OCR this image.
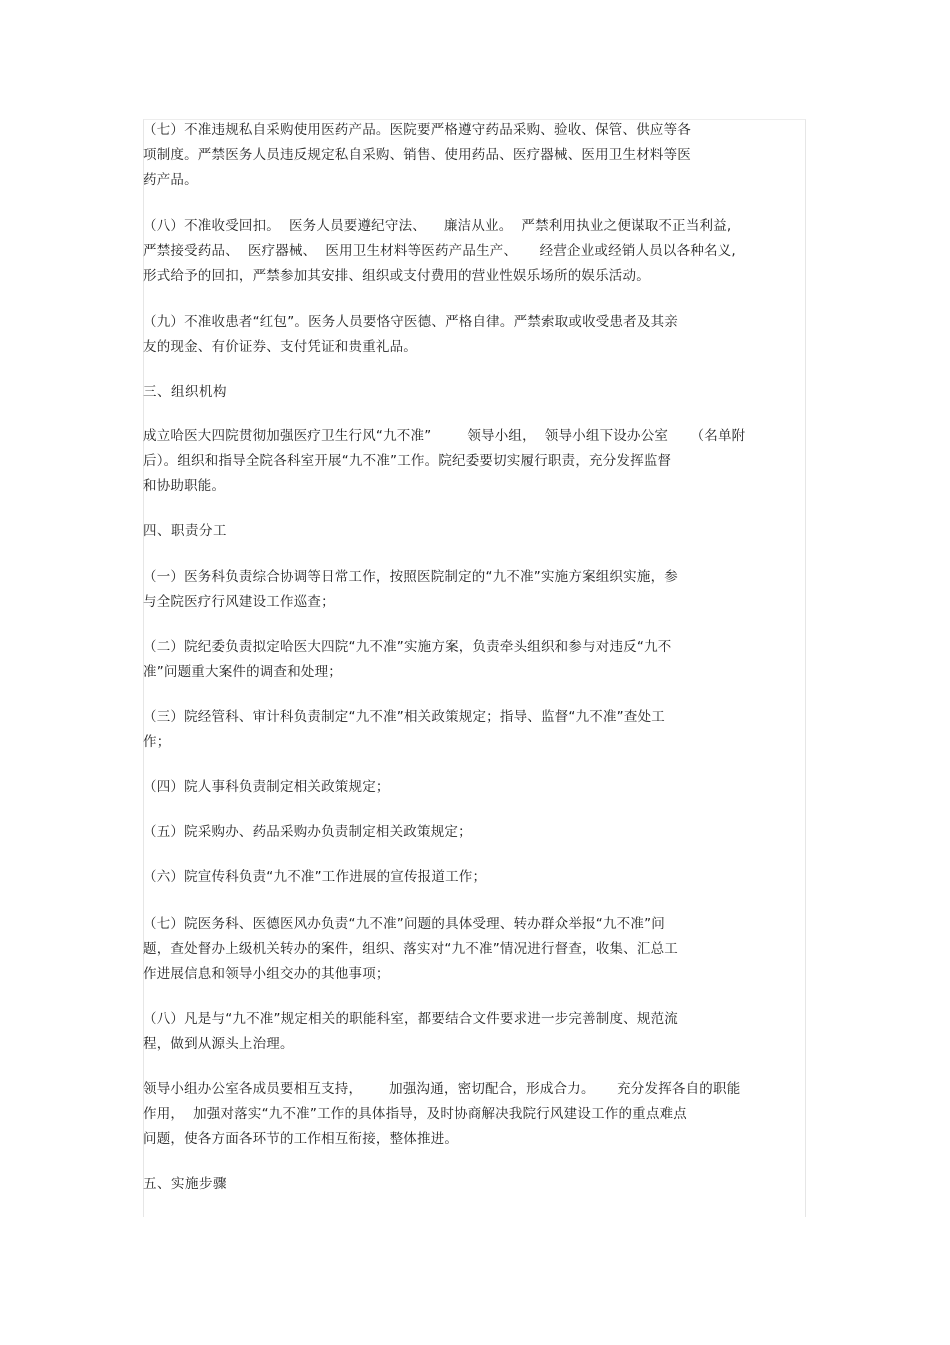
（七）不准违规私自采购使用医药产品。医院要严格遵守药品采购、验收、保管、供应等各
项制度。严禁医务人员违反规定私自采购、销售、使用药品、医疗器械、医用卫生材料等医
药产品。
（八）不准收受回扣。  医务人员要遵纪守法、    廉洁从业。  严禁利用执业之便谋取不正当利益,
严禁接受药品、  医疗器械、  医用卫生材料等医药产品生产、     经营企业或经销人员以各种名义,
形式给予的回扣，严禁参加其安排、组织或支付费用的营业性娱乐场所的娱乐活动。
（九）不准收患者“红包”。医务人员要恪守医德、严格自律。严禁索取或收受患者及其亲
友的现金、有价证券、支付凭证和贵重礼品。
三、组织机构
成立哈医大四院贯彻加强医疗卫生行风“九不准”        领导小组，  领导小组下设办公室     （名单附
后）。组织和指导全院各科室开展“九不准”工作。院纪委要切实履行职责，充分发挥监督
和协助职能。
四、职责分工
（一）医务科负责综合协调等日常工作，按照医院制定的“九不准”实施方案组织实施，参
与全院医疗行风建设工作巡查；
（二）院纪委负责拟定哈医大四院“九不准”实施方案，负责牵头组织和参与对违反“九不
准”问题重大案件的调查和处理；
（三）院经管科、审计科负责制定“九不准”相关政策规定；指导、监督“九不准”查处工
作；
（四）院人事科负责制定相关政策规定；
（五）院采购办、药品采购办负责制定相关政策规定；
（六）院宣传科负责“九不准”工作进展的宣传报道工作；
（七）院医务科、医德医风办负责“九不准”问题的具体受理、转办群众举报“九不准”问
题，查处督办上级机关转办的案件，组织、落实对“九不准”情况进行督查，收集、汇总工
作进展信息和领导小组交办的其他事项；
（八）凡是与“九不准”规定相关的职能科室，都要结合文件要求进一步完善制度、规范流
程，做到从源头上治理。
领导小组办公室各成员要相互支持，      加强沟通，密切配合，形成合力。     充分发挥各自的职能
作用，  加强对落实“九不准”工作的具体指导，及时协商解决我院行风建设工作的重点难点
问题，使各方面各环节的工作相互衔接，整体推进。
五、实施步骤
